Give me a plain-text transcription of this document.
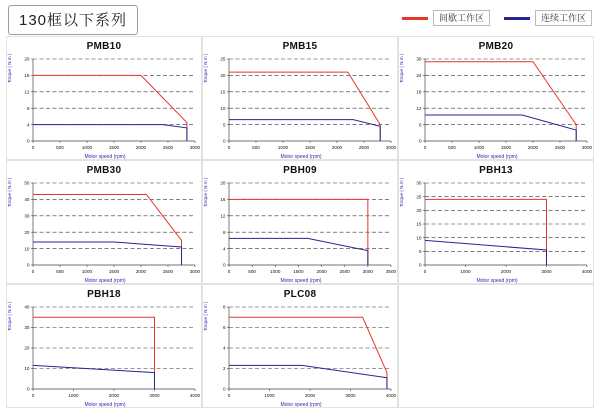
130框以下系列	间歇工作区	连续工作区
PMB10
0
4
8
12
16
20
0	500	1000	1500	2000	2500	3000
Torque ( N.m )
Motor speed (rpm)
PMB15
0
5
10
15
20
25
0	500	1000	1500	2000	2500	3000
Torque ( N.m )
Motor speed (rpm)
PMB20
0
6
12
18
24
30
0	500	1000	1500	2000	2500	3000
Torque ( N.m )
Motor speed (rpm)
PMB30
0
10
20
30
40
50
0	500	1000	1500	2000	2500	3000
Torque ( N.m )
Motor speed (rpm)
PBH09
0
4
8
12
16
20
0	500	1000	1500	2000	2500	3000	3500
Torque ( N.m )
Motor speed (rpm)
PBH13
0
5
10
15
20
25
30
0	1000	2000	3000	4000
Torque ( N.m )
Motor speed (rpm)
PBH18
0
10
20
30
40
0	1000	2000	3000	4000
Torque ( N.m )
Motor speed (rpm)
PLC08
0
2
4
6
8
0	1000	2000	3000	4000
Torque ( N.m )
Motor speed (rpm)
